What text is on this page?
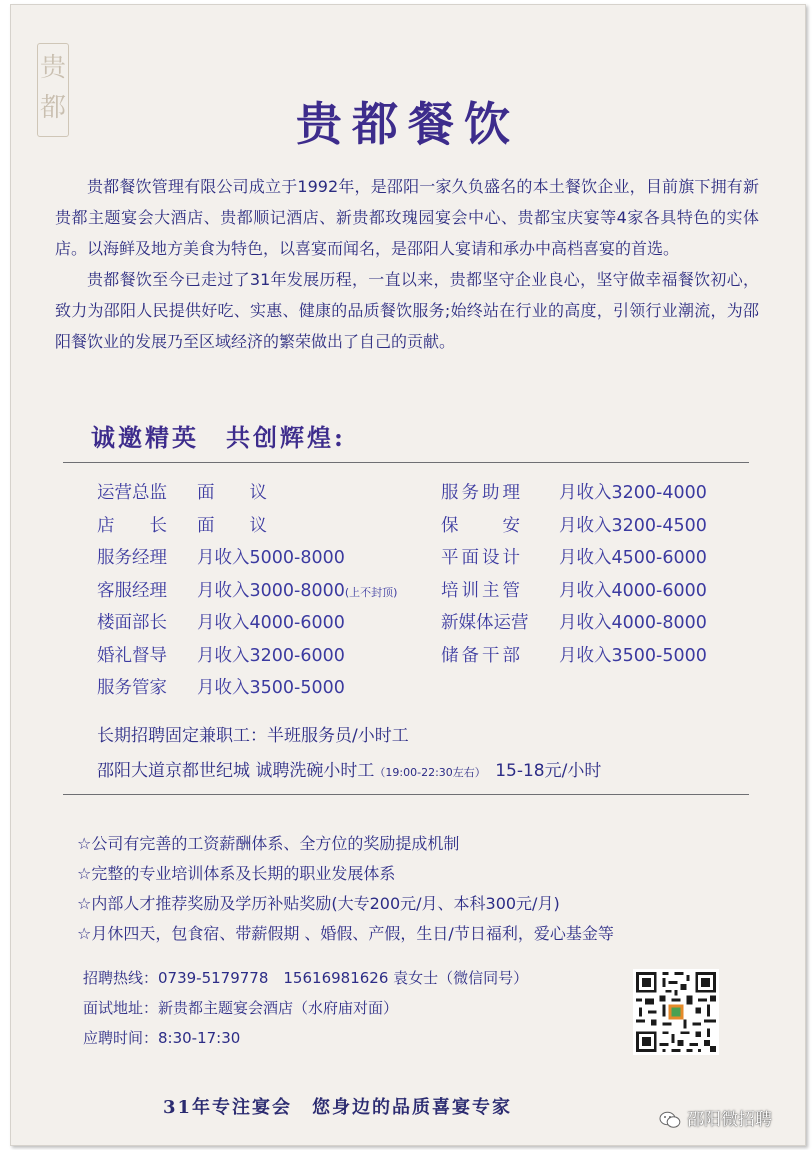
贵
都	贵都餐饮

贵都餐饮管理有限公司成立于1992年，是邵阳一家久负盛名的本土餐饮企业，目前旗下拥有新贵都主题宴会大酒店、贵都顺记酒店、新贵都玫瑰园宴会中心、贵都宝庆宴等4家各具特色的实体店。以海鲜及地方美食为特色，以喜宴而闻名，是邵阳人宴请和承办中高档喜宴的首选。

贵都餐饮至今已走过了31年发展历程，一直以来，贵都坚守企业良心，坚守做幸福餐饮初心，致力为邵阳人民提供好吃、实惠、健康的品质餐饮服务;始终站在行业的高度，引领行业潮流，为邵阳餐饮业的发展乃至区域经济的繁荣做出了自己的贡献。

诚邀精英　共创辉煌:
运营总监 面　　议
店　　长 面　　议
服务经理 月收入5000-8000
客服经理 月收入3000-8000(上不封顶)
楼面部长 月收入4000-6000
婚礼督导 月收入3200-6000
服务管家 月收入3500-5000
服务助理 月收入3200-4000
保　　安 月收入3200-4500
平面设计 月收入4500-6000
培训主管 月收入4000-6000
新媒体运营 月收入4000-8000
储备干部 月收入3500-5000
长期招聘固定兼职工：半班服务员/小时工
邵阳大道京都世纪城 诚聘洗碗小时工（19:00-22:30左右） 15-18元/小时
☆公司有完善的工资薪酬体系、全方位的奖励提成机制
☆完整的专业培训体系及长期的职业发展体系
☆内部人才推荐奖励及学历补贴奖励(大专200元/月、本科300元/月)
☆月休四天，包食宿、带薪假期 、婚假、产假，生日/节日福利，爱心基金等
招聘热线：0739-5179778　15616981626 袁女士（微信同号）
面试地址：新贵都主题宴会酒店（水府庙对面）
应聘时间：8:30-17:30
31年专注宴会　您身边的品质喜宴专家
邵阳微招聘
